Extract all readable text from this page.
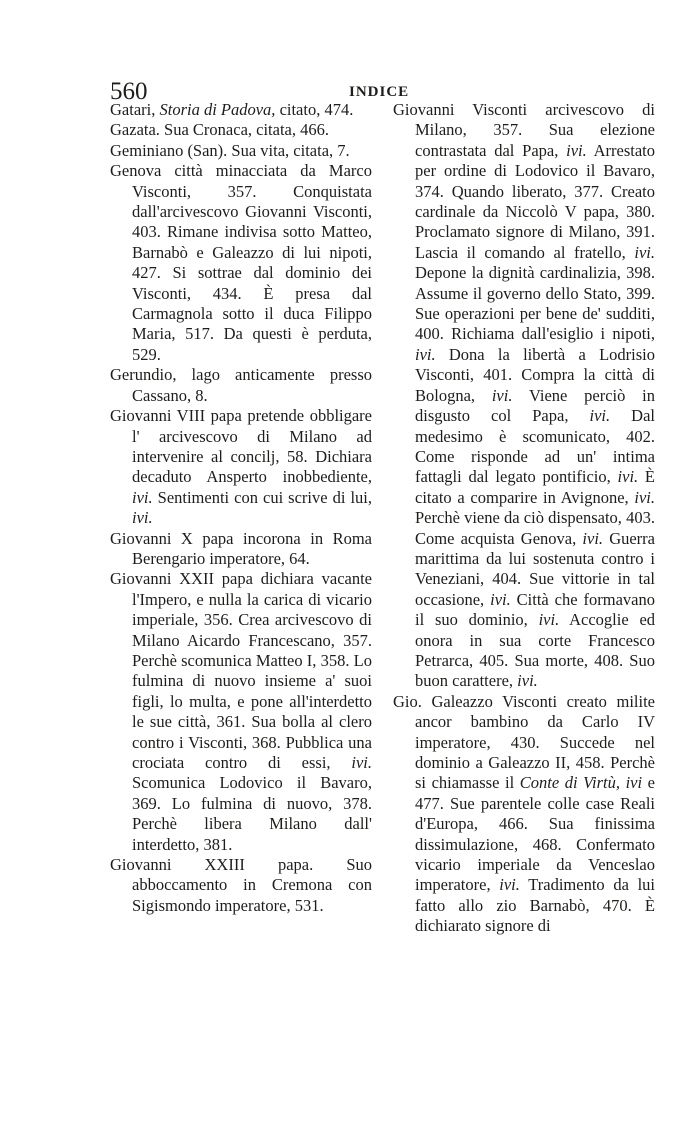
560	INDICE

Gatari, Storia di Padova, citato, 474.

Gazata. Sua Cronaca, citata, 466.

Geminiano (San). Sua vita, citata, 7.

Genova città minacciata da Marco Visconti, 357. Conquistata dall'arcivescovo Giovanni Visconti, 403. Rimane indivisa sotto Matteo, Barnabò e Galeazzo di lui nipoti, 427. Si sottrae dal dominio dei Visconti, 434. È presa dal Carmagnola sotto il duca Filippo Maria, 517. Da questi è perduta, 529.

Gerundio, lago anticamente presso Cassano, 8.

Giovanni VIII papa pretende obbligare l' arcivescovo di Milano ad intervenire al concilj, 58. Dichiara decaduto Ansperto inobbediente, ivi. Sentimenti con cui scrive di lui, ivi.

Giovanni X papa incorona in Roma Berengario imperatore, 64.

Giovanni XXII papa dichiara vacante l'Impero, e nulla la carica di vicario imperiale, 356. Crea arcivescovo di Milano Aicardo Francescano, 357. Perchè scomunica Matteo I, 358. Lo fulmina di nuovo insieme a' suoi figli, lo multa, e pone all'interdetto le sue città, 361. Sua bolla al clero contro i Visconti, 368. Pubblica una crociata contro di essi, ivi. Scomunica Lodovico il Bavaro, 369. Lo fulmina di nuovo, 378. Perchè libera Milano dall' interdetto, 381.

Giovanni XXIII papa. Suo abboccamento in Cremona con Sigismondo imperatore, 531.

Giovanni Visconti arcivescovo di Milano, 357. Sua elezione contrastata dal Papa, ivi. Arrestato per ordine di Lodovico il Bavaro, 374. Quando liberato, 377. Creato cardinale da Niccolò V papa, 380. Proclamato signore di Milano, 391. Lascia il comando al fratello, ivi. Depone la dignità cardinalizia, 398. Assume il governo dello Stato, 399. Sue operazioni per bene de' sudditi, 400. Richiama dall'esiglio i nipoti, ivi. Dona la libertà a Lodrisio Visconti, 401. Compra la città di Bologna, ivi. Viene perciò in disgusto col Papa, ivi. Dal medesimo è scomunicato, 402. Come risponde ad un' intima fattagli dal legato pontificio, ivi. È citato a comparire in Avignone, ivi. Perchè viene da ciò dispensato, 403. Come acquista Genova, ivi. Guerra marittima da lui sostenuta contro i Veneziani, 404. Sue vittorie in tal occasione, ivi. Città che formavano il suo dominio, ivi. Accoglie ed onora in sua corte Francesco Petrarca, 405. Sua morte, 408. Suo buon carattere, ivi.

Gio. Galeazzo Visconti creato milite ancor bambino da Carlo IV imperatore, 430. Succede nel dominio a Galeazzo II, 458. Perchè si chiamasse il Conte di Virtù, ivi e 477. Sue parentele colle case Reali d'Europa, 466. Sua finissima dissimulazione, 468. Confermato vicario imperiale da Venceslao imperatore, ivi. Tradimento da lui fatto allo zio Barnabò, 470. È dichiarato signore di
